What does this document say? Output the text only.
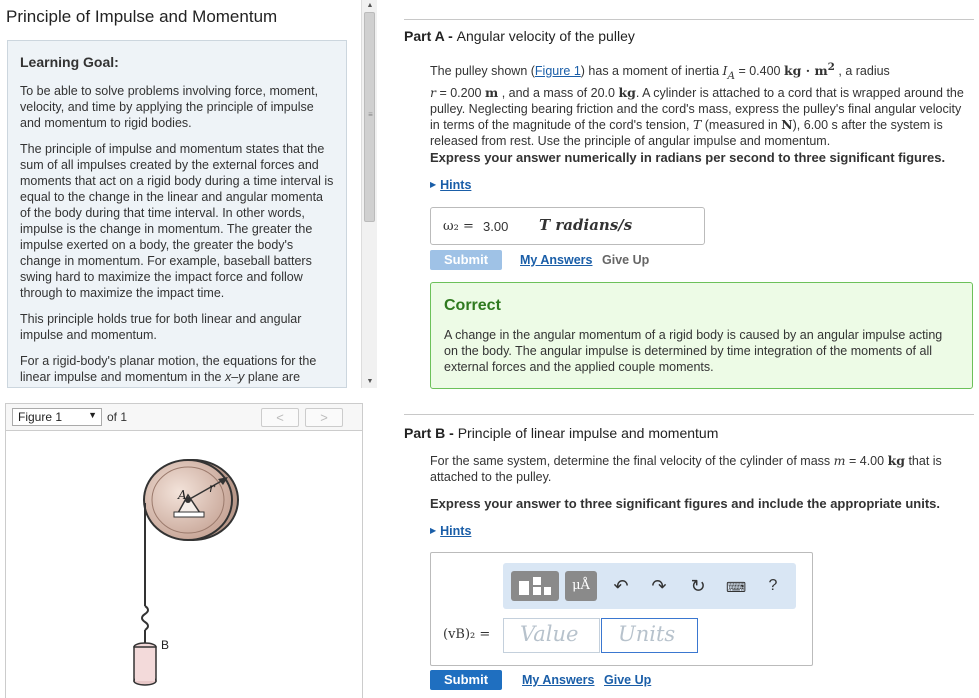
Principle of Impulse and Momentum
Learning Goal:

To be able to solve problems involving force, moment, velocity, and time by applying the principle of impulse and momentum to rigid bodies.

The principle of impulse and momentum states that the sum of all impulses created by the external forces and moments that act on a rigid body during a time interval is equal to the change in the linear and angular momenta of the body during that time interval. In other words, impulse is the change in momentum. The greater the impulse exerted on a body, the greater the body's change in momentum. For example, baseball batters swing hard to maximize the impact force and follow through to maximize the impact time.

This principle holds true for both linear and angular impulse and momentum.

For a rigid-body's planar motion, the equations for the linear impulse and momentum in the x–y plane are

▲
≡
▼
Figure 1	▼ of 1	<	>
A r
B
Part A - Angular velocity of the pulley
The pulley shown (Figure 1) has a moment of inertia $I_A = 0.400$ kg · $m^2$ , a radius
r = 0.200 m , and a mass of 20.0 kg. A cylinder is attached to a cord that is wrapped around the pulley. Neglecting bearing friction and the cord's mass, express the pulley's final angular velocity in terms of the magnitude of the cord's tension, T (measured in N), 6.00 s after the system is released from rest. Use the principle of angular impulse and momentum.
Express your answer numerically in radians per second to three significant figures.
▶ Hints
ω₂ = 3.00 T radians/s
Submit	My Answers Give Up
Correct

A change in the angular momentum of a rigid body is caused by an angular impulse acting on the body. The angular impulse is determined by time integration of the moments of all external forces and the applied couple moments.

Part B - Principle of linear impulse and momentum
For the same system, determine the final velocity of the cylinder of mass m = 4.00 kg that is attached to the pulley.
Express your answer to three significant figures and include the appropriate units.
▶ Hints
μÅ	↶ ↷ ↻	⌨	?
(vB)₂ =	Value	Units
Submit	My Answers Give Up
